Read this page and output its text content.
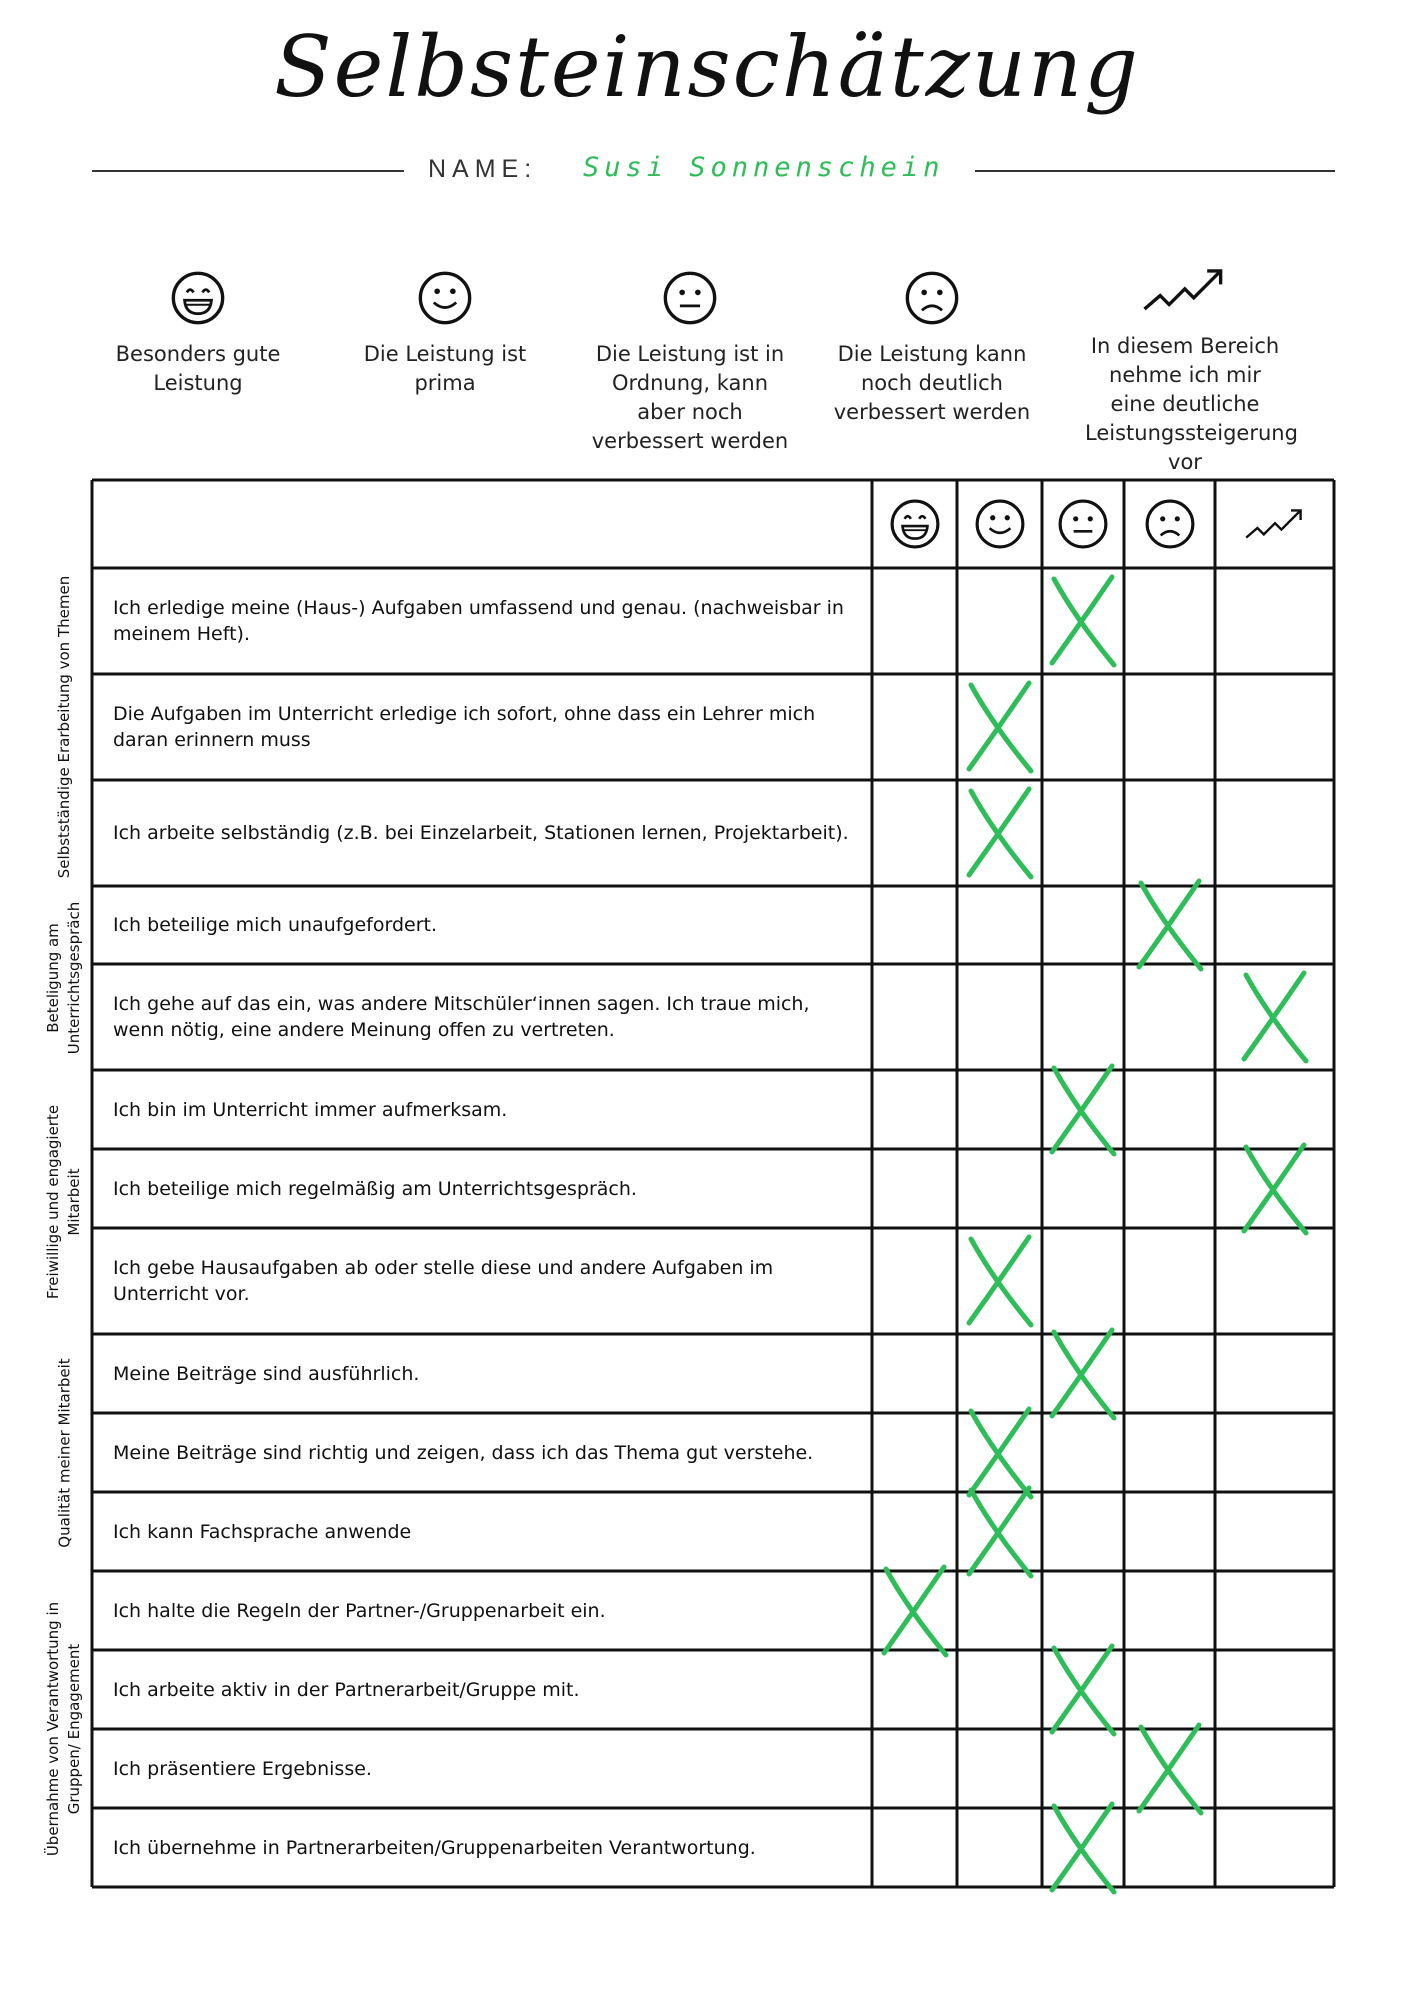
Selbsteinschätzung
NAME: Susi Sonnenschein
Besonders gute Leistung
Die Leistung ist prima
Die Leistung ist in Ordnung, kann aber noch verbessert werden
Die Leistung kann noch deutlich verbessert werden
In diesem Bereich nehme ich mir eine deutliche Leistungssteigerung vor
Ich erledige meine (Haus-) Aufgaben umfassend und genau. (nachweisbar in meinem Heft).
Die Aufgaben im Unterricht erledige ich sofort, ohne dass ein Lehrer mich daran erinnern muss
Ich arbeite selbständig (z.B. bei Einzelarbeit, Stationen lernen, Projektarbeit).
Ich beteilige mich unaufgefordert.
Ich gehe auf das ein, was andere Mitschüler‘innen sagen. Ich traue mich, wenn nötig, eine andere Meinung offen zu vertreten.
Ich bin im Unterricht immer aufmerksam.
Ich beteilige mich regelmäßig am Unterrichtsgespräch.
Ich gebe Hausaufgaben ab oder stelle diese und andere Aufgaben im Unterricht vor.
Meine Beiträge sind ausführlich.
Meine Beiträge sind richtig und zeigen, dass ich das Thema gut verstehe.
Ich kann Fachsprache anwende
Ich halte die Regeln der Partner-/Gruppenarbeit ein.
Ich arbeite aktiv in der Partnerarbeit/Gruppe mit.
Ich präsentiere Ergebnisse.
Ich übernehme in Partnerarbeiten/Gruppenarbeiten Verantwortung.
Selbstständige Erarbeitung von Themen
Beteligung am Unterrichtsgespräch
Freiwillige und engagierte Mitarbeit
Qualität meiner Mitarbeit
Übernahme von Verantwortung in Gruppen/ Engagement
